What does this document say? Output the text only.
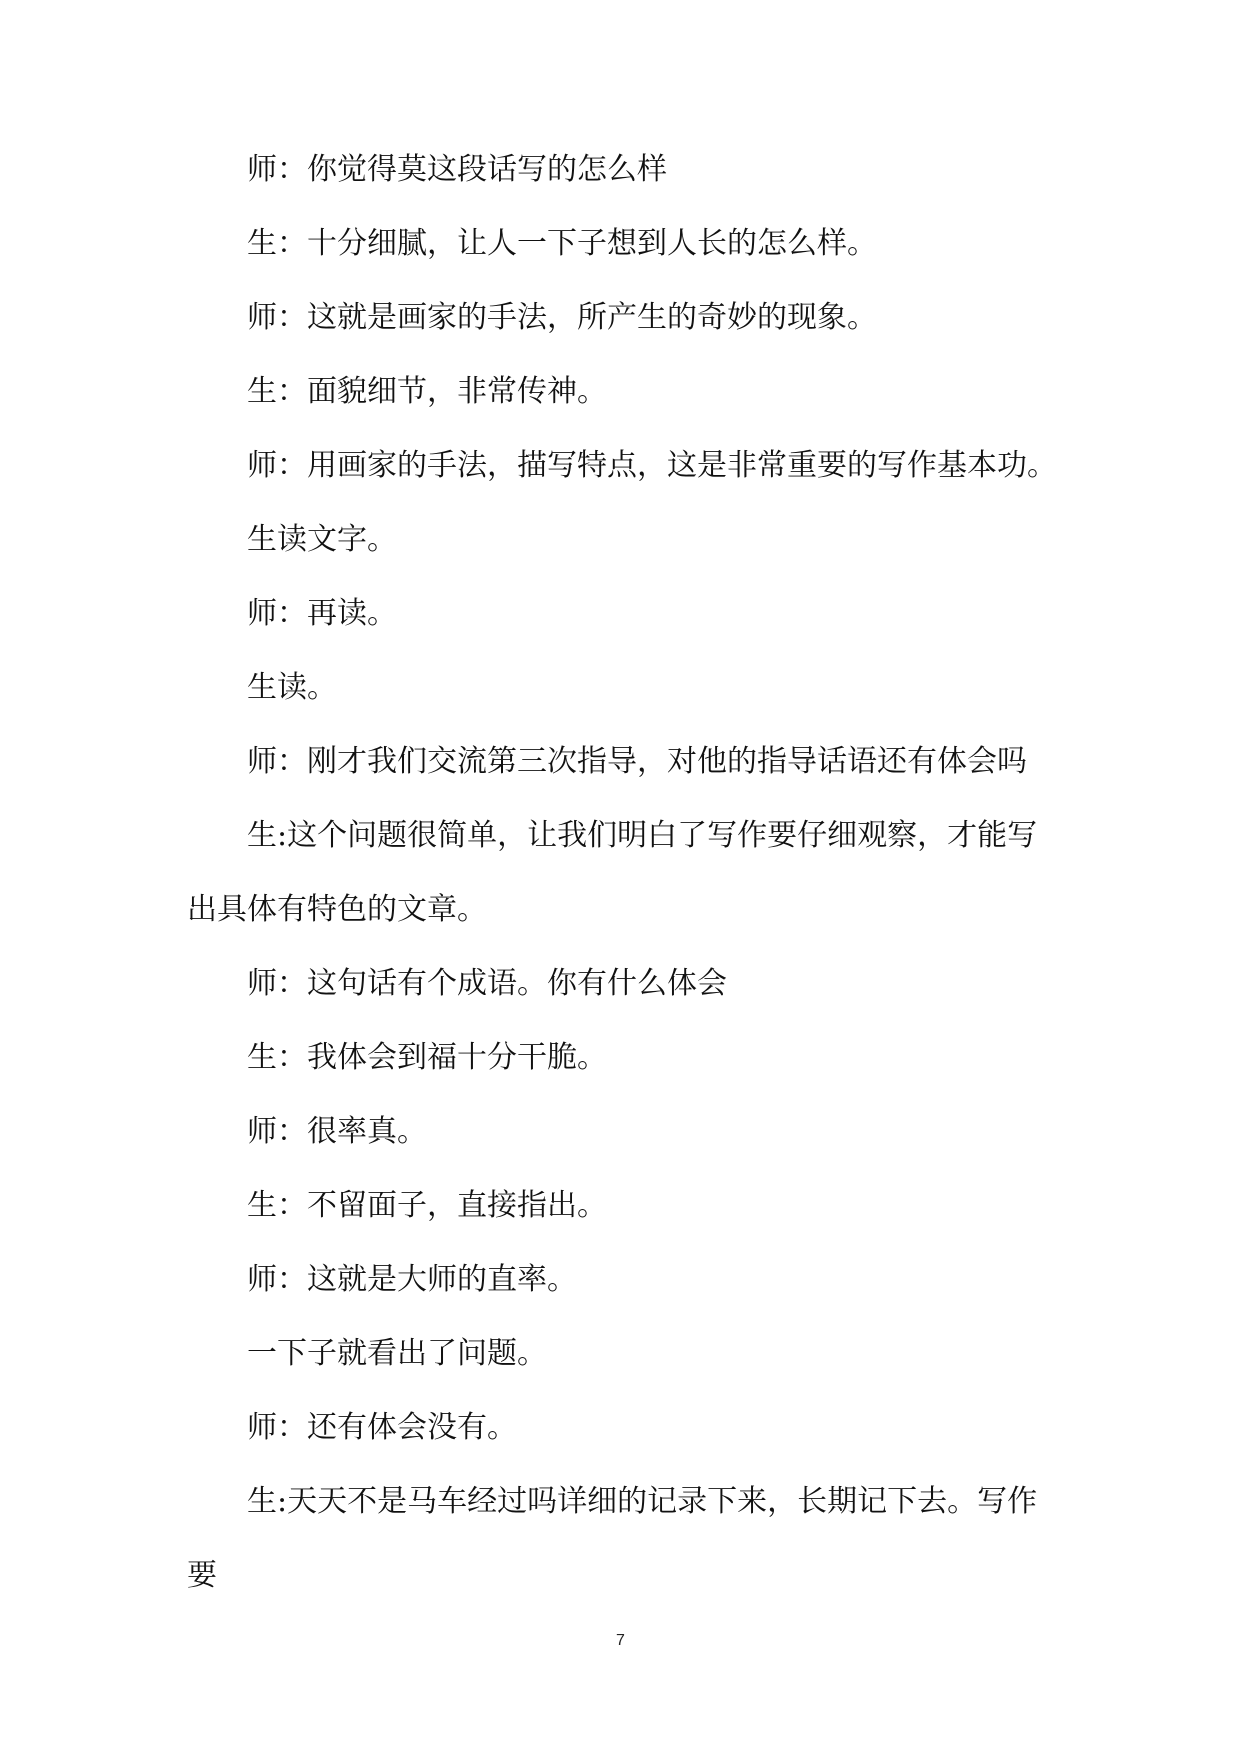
师：你觉得莫这段话写的怎么样

生：十分细腻，让人一下子想到人长的怎么样。

师：这就是画家的手法，所产生的奇妙的现象。

生：面貌细节，非常传神。

师：用画家的手法，描写特点，这是非常重要的写作基本功。

生读文字。

师：再读。

生读。

师：刚才我们交流第三次指导，对他的指导话语还有体会吗

生:这个问题很简单，让我们明白了写作要仔细观察，才能写出具体有特色的文章。

师：这句话有个成语。你有什么体会

生：我体会到福十分干脆。

师：很率真。

生：不留面子，直接指出。

师：这就是大师的直率。

一下子就看出了问题。

师：还有体会没有。

生:天天不是马车经过吗详细的记录下来，长期记下去。写作要

7
